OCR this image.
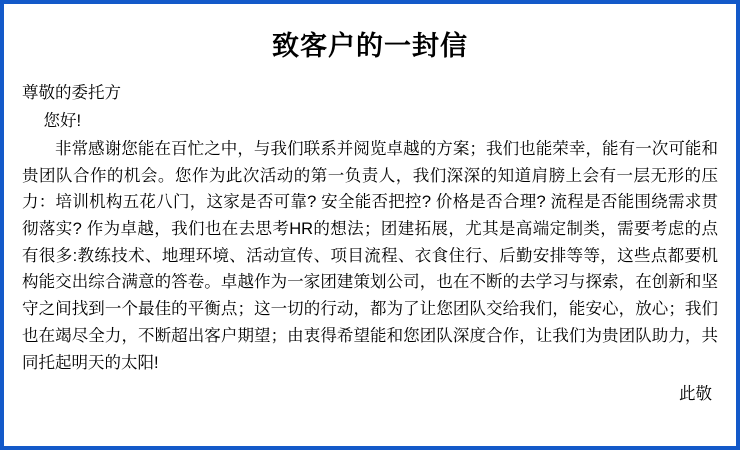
致客户的一封信

尊敬的委托方

您好!

非常感谢您能在百忙之中，与我们联系并阅览卓越的方案；我们也能荣幸，能有一次可能和贵团队合作的机会。您作为此次活动的第一负责人，我们深深的知道肩膀上会有一层无形的压力：培训机构五花八门，这家是否可靠? 安全能否把控? 价格是否合理? 流程是否能围绕需求贯彻落实? 作为卓越，我们也在去思考HR的想法；团建拓展，尤其是高端定制类，需要考虑的点有很多:教练技术、地理环境、活动宣传、项目流程、衣食住行、后勤安排等等，这些点都要机构能交出综合满意的答卷。卓越作为一家团建策划公司，也在不断的去学习与探索，在创新和坚守之间找到一个最佳的平衡点；这一切的行动，都为了让您团队交给我们，能安心，放心；我们也在竭尽全力，不断超出客户期望；由衷得希望能和您团队深度合作，让我们为贵团队助力，共同托起明天的太阳!

此敬
